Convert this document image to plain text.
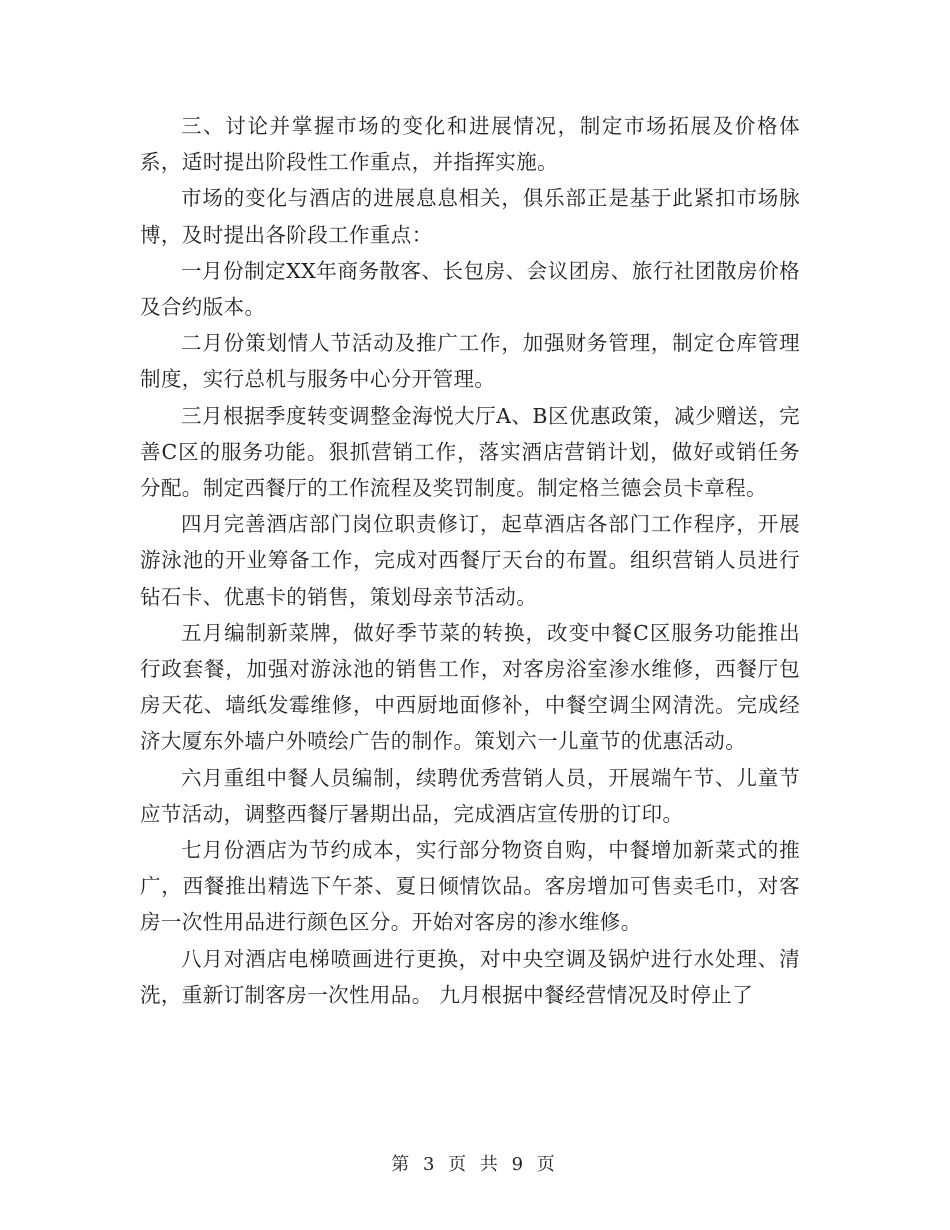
三、讨论并掌握市场的变化和进展情况，制定市场拓展及价格体系，适时提出阶段性工作重点，并指挥实施。

市场的变化与酒店的进展息息相关，俱乐部正是基于此紧扣市场脉博，及时提出各阶段工作重点：

一月份制定XX年商务散客、长包房、会议团房、旅行社团散房价格及合约版本。

二月份策划情人节活动及推广工作，加强财务管理，制定仓库管理制度，实行总机与服务中心分开管理。

三月根据季度转变调整金海悦大厅A、B区优惠政策，减少赠送，完善C区的服务功能。狠抓营销工作，落实酒店营销计划，做好或销任务分配。制定西餐厅的工作流程及奖罚制度。制定格兰德会员卡章程。

四月完善酒店部门岗位职责修订，起草酒店各部门工作程序，开展游泳池的开业筹备工作，完成对西餐厅天台的布置。组织营销人员进行钻石卡、优惠卡的销售，策划母亲节活动。

五月编制新菜牌，做好季节菜的转换，改变中餐C区服务功能推出行政套餐，加强对游泳池的销售工作，对客房浴室渗水维修，西餐厅包房天花、墙纸发霉维修，中西厨地面修补，中餐空调尘网清洗。完成经济大厦东外墙户外喷绘广告的制作。策划六一儿童节的优惠活动。

六月重组中餐人员编制，续聘优秀营销人员，开展端午节、儿童节应节活动，调整西餐厅暑期出品，完成酒店宣传册的订印。

七月份酒店为节约成本，实行部分物资自购，中餐增加新菜式的推广，西餐推出精选下午茶、夏日倾情饮品。客房增加可售卖毛巾，对客房一次性用品进行颜色区分。开始对客房的渗水维修。

八月对酒店电梯喷画进行更换，对中央空调及锅炉进行水处理、清洗，重新订制客房一次性用品。 九月根据中餐经营情况及时停止了

第 3 页 共 9 页
